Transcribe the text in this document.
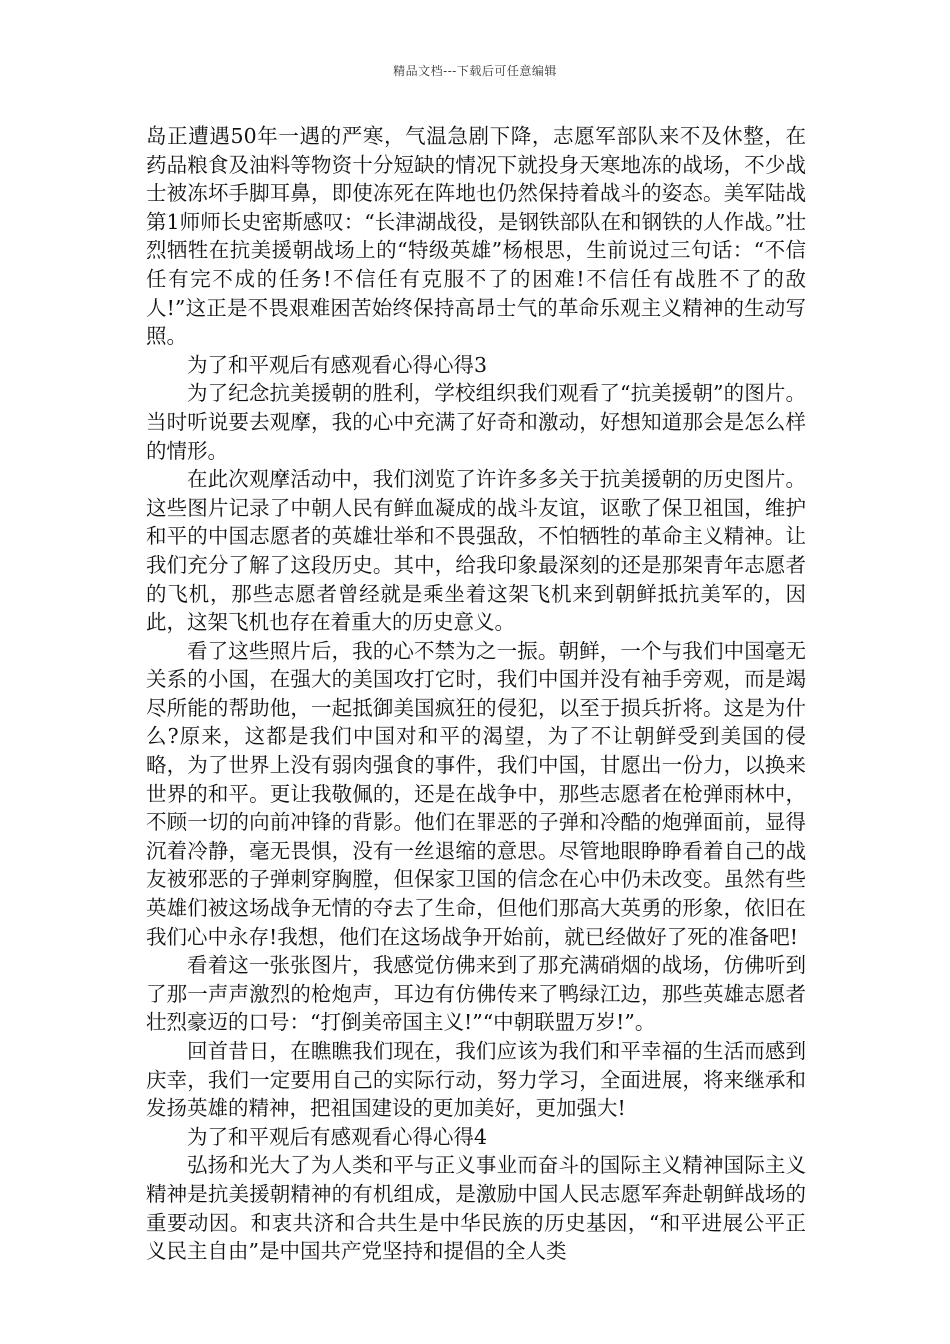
精品文档---下载后可任意编辑

岛正遭遇50年一遇的严寒，气温急剧下降，志愿军部队来不及休整，在药品粮食及油料等物资十分短缺的情况下就投身天寒地冻的战场，不少战士被冻坏手脚耳鼻，即使冻死在阵地也仍然保持着战斗的姿态。美军陆战第1师师长史密斯感叹：“长津湖战役，是钢铁部队在和钢铁的人作战。”壮烈牺牲在抗美援朝战场上的“特级英雄”杨根思，生前说过三句话：“不信任有完不成的任务!不信任有克服不了的困难!不信任有战胜不了的敌人!”这正是不畏艰难困苦始终保持高昂士气的革命乐观主义精神的生动写照。

为了和平观后有感观看心得心得3

为了纪念抗美援朝的胜利，学校组织我们观看了“抗美援朝”的图片。当时听说要去观摩，我的心中充满了好奇和激动，好想知道那会是怎么样的情形。

在此次观摩活动中，我们浏览了许许多多关于抗美援朝的历史图片。这些图片记录了中朝人民有鲜血凝成的战斗友谊，讴歌了保卫祖国，维护和平的中国志愿者的英雄壮举和不畏强敌，不怕牺牲的革命主义精神。让我们充分了解了这段历史。其中，给我印象最深刻的还是那架青年志愿者的飞机，那些志愿者曾经就是乘坐着这架飞机来到朝鲜抵抗美军的，因此，这架飞机也存在着重大的历史意义。

看了这些照片后，我的心不禁为之一振。朝鲜，一个与我们中国毫无关系的小国，在强大的美国攻打它时，我们中国并没有袖手旁观，而是竭尽所能的帮助他，一起抵御美国疯狂的侵犯，以至于损兵折将。这是为什么?原来，这都是我们中国对和平的渴望，为了不让朝鲜受到美国的侵略，为了世界上没有弱肉强食的事件，我们中国，甘愿出一份力，以换来世界的和平。更让我敬佩的，还是在战争中，那些志愿者在枪弹雨林中，不顾一切的向前冲锋的背影。他们在罪恶的子弹和冷酷的炮弹面前，显得沉着冷静，毫无畏惧，没有一丝退缩的意思。尽管地眼睁睁看着自己的战友被邪恶的子弹刺穿胸膛，但保家卫国的信念在心中仍未改变。虽然有些英雄们被这场战争无情的夺去了生命，但他们那高大英勇的形象，依旧在我们心中永存!我想，他们在这场战争开始前，就已经做好了死的准备吧!

看着这一张张图片，我感觉仿佛来到了那充满硝烟的战场，仿佛听到了那一声声激烈的枪炮声，耳边有仿佛传来了鸭绿江边，那些英雄志愿者壮烈豪迈的口号：“打倒美帝国主义!”“中朝联盟万岁!”。

回首昔日，在瞧瞧我们现在，我们应该为我们和平幸福的生活而感到庆幸，我们一定要用自己的实际行动，努力学习，全面进展，将来继承和发扬英雄的精神，把祖国建设的更加美好，更加强大!

为了和平观后有感观看心得心得4

弘扬和光大了为人类和平与正义事业而奋斗的国际主义精神国际主义精神是抗美援朝精神的有机组成，是激励中国人民志愿军奔赴朝鲜战场的重要动因。和衷共济和合共生是中华民族的历史基因，“和平进展公平正义民主自由”是中国共产党坚持和提倡的全人类
